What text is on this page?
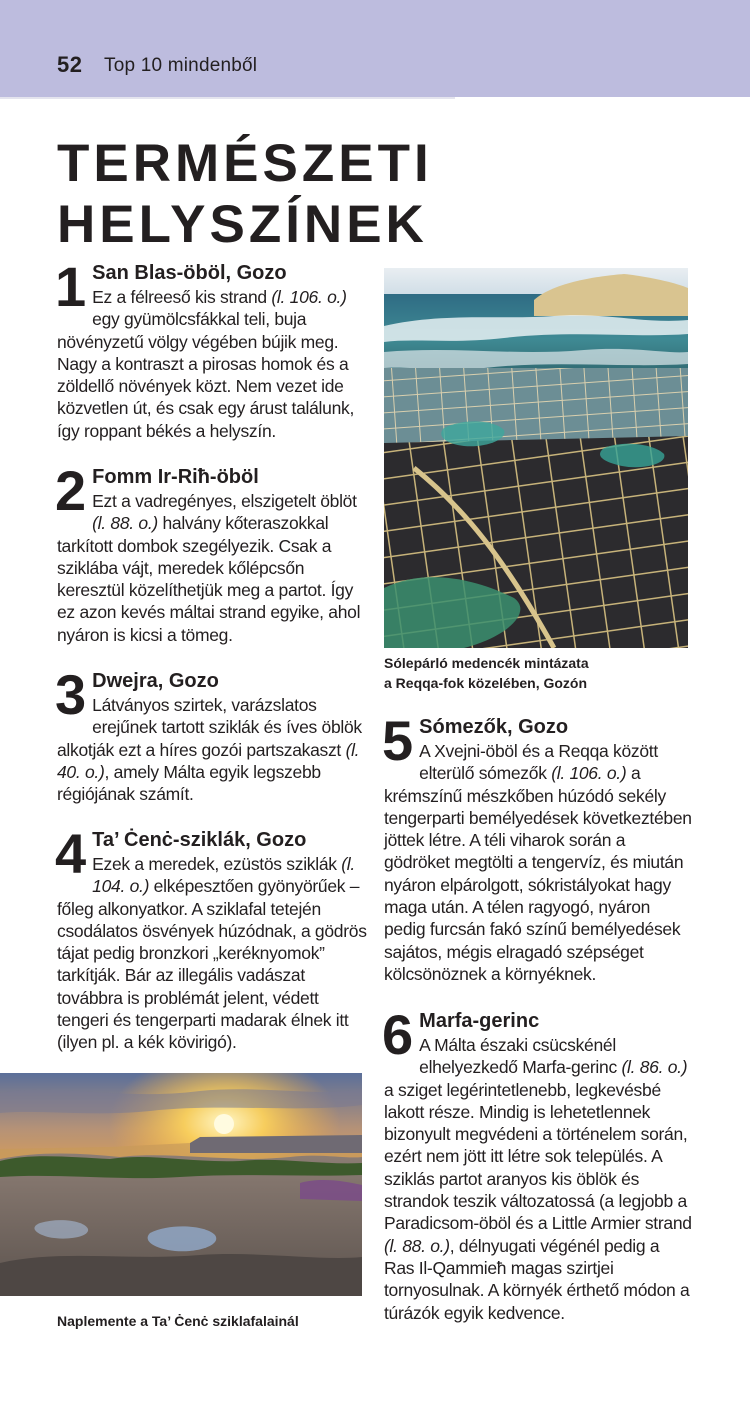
52 Top 10 mindenből
TERMÉSZETI
HELYSZÍNEK
1 San Blas-öböl, Gozo
Ez a félreeső kis strand (l. 106. o.) egy gyümölcsfákkal teli, buja növényzetű völgy végében bújik meg. Nagy a kontraszt a pirosas homok és a zöldellő növények közt. Nem vezet ide közvetlen út, és csak egy árust találunk, így roppant békés a helyszín.
2 Fomm Ir-Riħ-öböl
Ezt a vadregényes, elszigetelt öblöt (l. 88. o.) halvány kőteraszokkal tarkított dombok szegélyezik. Csak a sziklába vájt, meredek kőlépcsőn keresztül közelíthetjük meg a partot. Így ez azon kevés máltai strand egyike, ahol nyáron is kicsi a tömeg.
3 Dwejra, Gozo
Látványos szirtek, varázslatos erejűnek tartott sziklák és íves öblök alkotják ezt a híres gozói partszakaszt (l. 40. o.), amely Málta egyik legszebb régiójának számít.
4 Ta’ Ċenċ-sziklák, Gozo
Ezek a meredek, ezüstös sziklák (l. 104. o.) elképesztően gyönyörűek – főleg alkonyatkor. A sziklafal tetején csodálatos ösvények húzódnak, a gödrös tájat pedig bronzkori „keréknyomok” tarkítják. Bár az illegális vadászat továbbra is problémát jelent, védett tengeri és tengerparti madarak élnek itt (ilyen pl. a kék kövirigó).
Naplemente a Ta’ Ċenċ sziklafalainál
Sólepárló medencék mintázata
a Reqqa-fok közelében, Gozón
5 Sómezők, Gozo
A Xvejni-öböl és a Reqqa között elterülő sómezők (l. 106. o.) a krémszínű mészkőben húzódó sekély tengerparti bemélyedések következtében jöttek létre. A téli viharok során a gödröket megtölti a tengervíz, és miután nyáron elpárolgott, sókristályokat hagy maga után. A télen ragyogó, nyáron pedig furcsán fakó színű bemélyedések sajátos, mégis elragadó szépséget kölcsönöznek a környéknek.
6 Marfa-gerinc
A Málta északi csücskénél elhelyezkedő Marfa-gerinc (l. 86. o.) a sziget legérintetlenebb, legkevésbé lakott része. Mindig is lehetetlennek bizonyult megvédeni a történelem során, ezért nem jött itt létre sok település. A sziklás partot aranyos kis öblök és strandok teszik változatossá (a legjobb a Paradicsom-öböl és a Little Armier strand (l. 88. o.), délnyugati végénél pedig a Ras Il-Qammieħ magas szirtjei tornyosulnak. A környék érthető módon a túrázók egyik kedvence.
